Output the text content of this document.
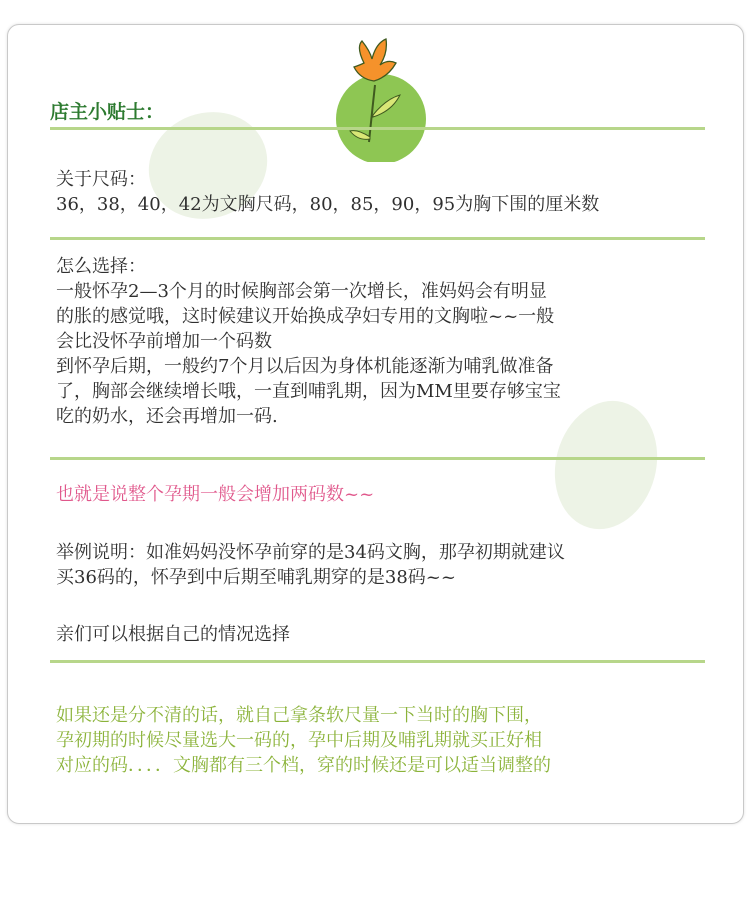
店主小贴士：

关于尺码：
36，38，40，42为文胸尺码，80，85，90，95为胸下围的厘米数

怎么选择：
一般怀孕2—3个月的时候胸部会第一次增长，准妈妈会有明显
的胀的感觉哦，这时候建议开始换成孕妇专用的文胸啦~~一般
会比没怀孕前增加一个码数
到怀孕后期，一般约7个月以后因为身体机能逐渐为哺乳做准备
了，胸部会继续增长哦，一直到哺乳期，因为MM里要存够宝宝
吃的奶水，还会再增加一码.

也就是说整个孕期一般会增加两码数~~

举例说明：如准妈妈没怀孕前穿的是34码文胸，那孕初期就建议
买36码的，怀孕到中后期至哺乳期穿的是38码~~

亲们可以根据自己的情况选择

如果还是分不清的话，就自己拿条软尺量一下当时的胸下围，
孕初期的时候尽量选大一码的，孕中后期及哺乳期就买正好相
对应的码．．．．文胸都有三个档，穿的时候还是可以适当调整的
